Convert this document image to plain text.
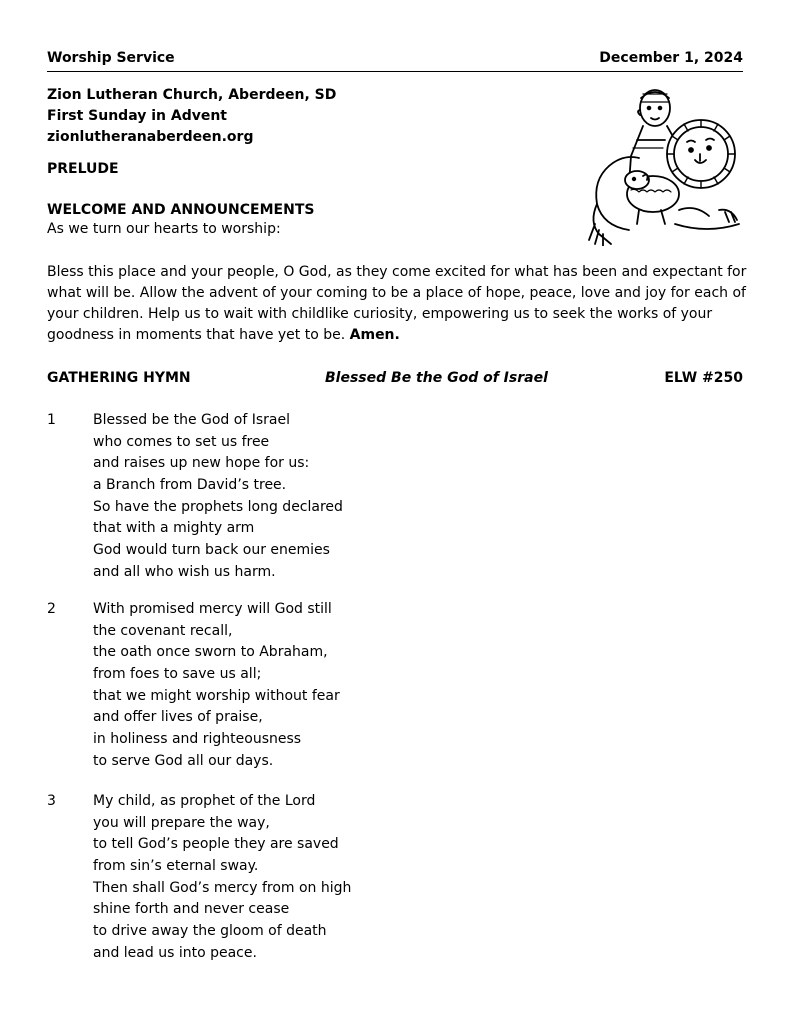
Worship Service	December 1, 2024
Zion Lutheran Church, Aberdeen, SD
First Sunday in Advent
zionlutheranaberdeen.org
PRELUDE
WELCOME AND ANNOUNCEMENTS
As we turn our hearts to worship:
Bless this place and your people, O God, as they come excited for what has been and expectant for what will be. Allow the advent of your coming to be a place of hope, peace, love and joy for each of your children. Help us to wait with childlike curiosity, empowering us to seek the works of your goodness in moments that have yet to be. Amen.
GATHERING HYMN	Blessed Be the God of Israel	ELW #250
1	Blessed be the God of Israel
who comes to set us free
and raises up new hope for us:
a Branch from David’s tree.
So have the prophets long declared
that with a mighty arm
God would turn back our enemies
and all who wish us harm.
2	With promised mercy will God still
the covenant recall,
the oath once sworn to Abraham,
from foes to save us all;
that we might worship without fear
and offer lives of praise,
in holiness and righteousness
to serve God all our days.
3	My child, as prophet of the Lord
you will prepare the way,
to tell God’s people they are saved
from sin’s eternal sway.
Then shall God’s mercy from on high
shine forth and never cease
to drive away the gloom of death
and lead us into peace.
